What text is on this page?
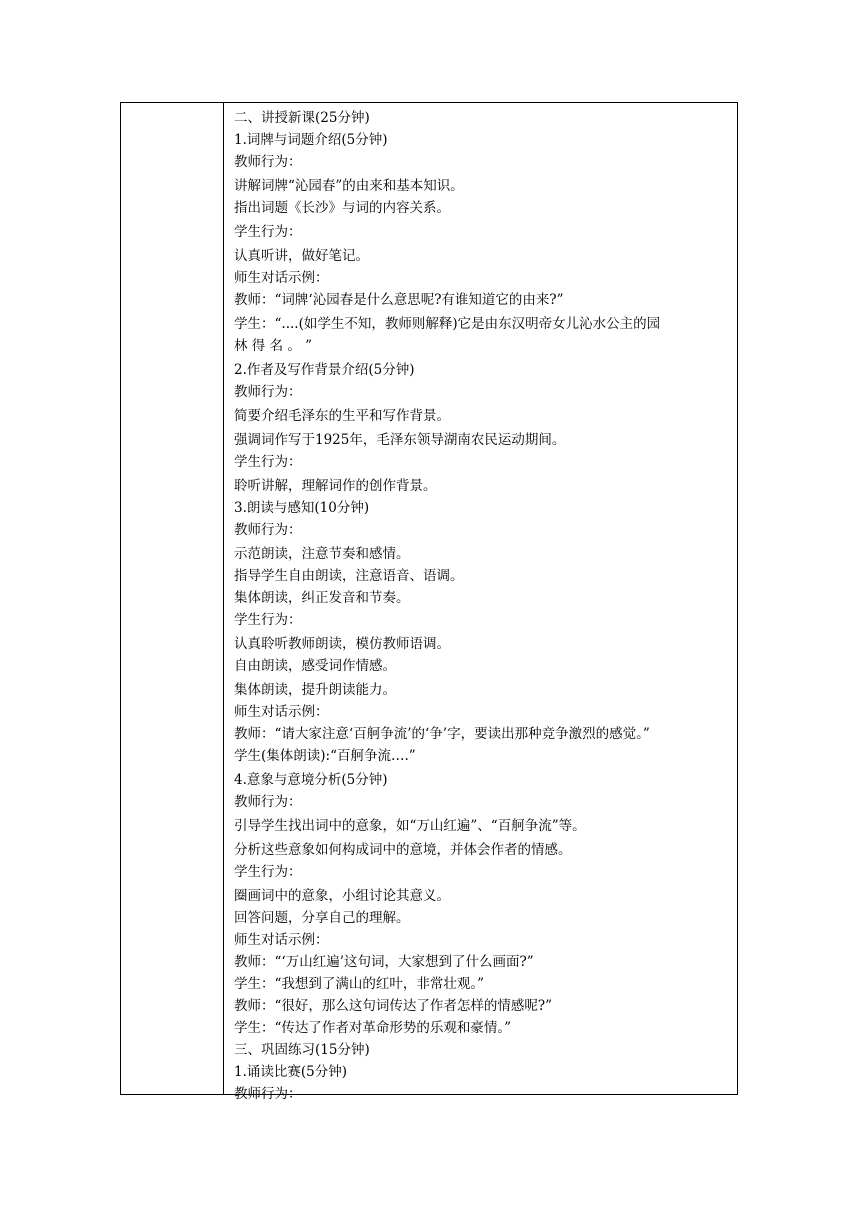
二、讲授新课(25分钟)
1.词牌与词题介绍(5分钟)
教师行为：
讲解词牌“沁园春”的由来和基本知识。
指出词题《长沙》与词的内容关系。
学生行为：
认真听讲，做好笔记。
师生对话示例：
教师：“词牌‘沁园春是什么意思呢?有谁知道它的由来?”
学生：“....(如学生不知，教师则解释)它是由东汉明帝女儿沁水公主的园
林 得 名 。 ”
2.作者及写作背景介绍(5分钟)
教师行为：
简要介绍毛泽东的生平和写作背景。
强调词作写于1925年，毛泽东领导湖南农民运动期间。
学生行为：
聆听讲解，理解词作的创作背景。
3.朗读与感知(10分钟)
教师行为：
示范朗读，注意节奏和感情。
指导学生自由朗读，注意语音、语调。
集体朗读，纠正发音和节奏。
学生行为：
认真聆听教师朗读，模仿教师语调。
自由朗读，感受词作情感。
集体朗读，提升朗读能力。
师生对话示例：
教师：“请大家注意‘百舸争流’的‘争’字，要读出那种竞争激烈的感觉。”
学生(集体朗读):“百舸争流….”
4.意象与意境分析(5分钟)
教师行为：
引导学生找出词中的意象，如“万山红遍”、“百舸争流”等。
分析这些意象如何构成词中的意境，并体会作者的情感。
学生行为：
圈画词中的意象，小组讨论其意义。
回答问题，分享自己的理解。
师生对话示例：
教师：“‘万山红遍’这句词，大家想到了什么画面?”
学生：“我想到了满山的红叶，非常壮观。”
教师：“很好，那么这句词传达了作者怎样的情感呢?”
学生：“传达了作者对革命形势的乐观和豪情。”
三、巩固练习(15分钟)
1.诵读比赛(5分钟)
教师行为：
